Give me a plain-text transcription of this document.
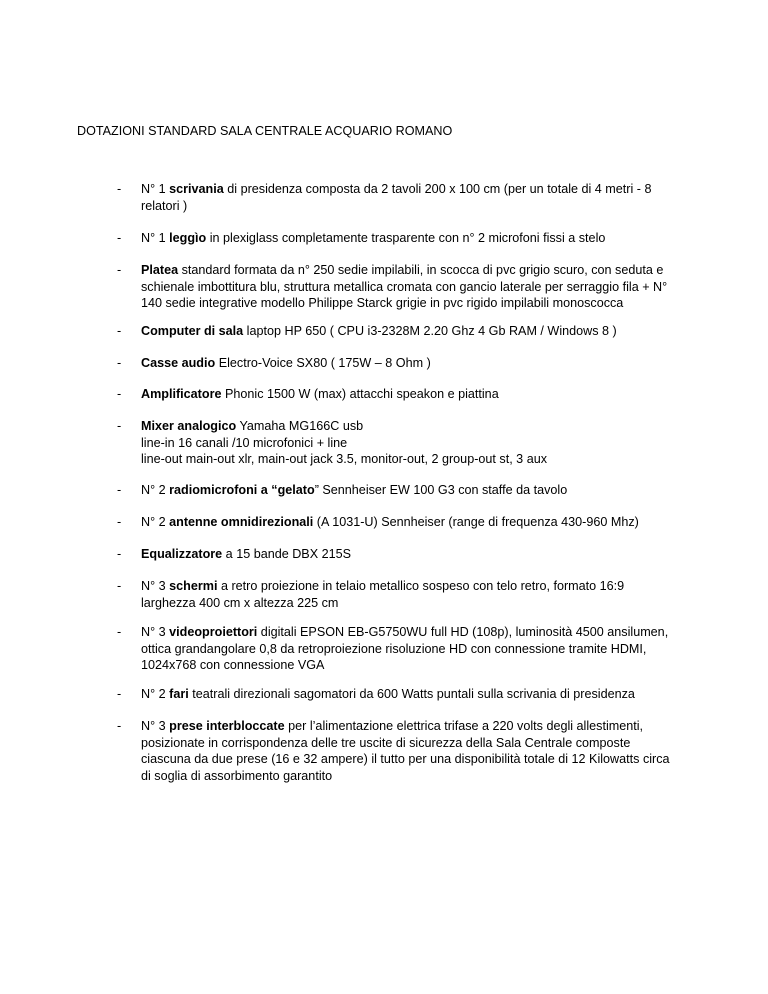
DOTAZIONI STANDARD SALA CENTRALE ACQUARIO ROMANO
- N° 1 scrivania di presidenza composta da 2 tavoli 200 x 100 cm (per un totale di 4 metri - 8 relatori )
- N° 1 leggìo in plexiglass completamente trasparente con n° 2 microfoni fissi a stelo
- Platea standard formata da n° 250 sedie impilabili, in scocca di pvc grigio scuro, con seduta e schienale imbottitura blu, struttura metallica cromata con gancio laterale per serraggio fila + N° 140 sedie integrative modello Philippe Starck grigie in pvc rigido impilabili monoscocca
- Computer di sala laptop HP 650 ( CPU i3-2328M 2.20 Ghz 4 Gb RAM / Windows 8 )
- Casse audio Electro-Voice SX80 ( 175W – 8 Ohm )
- Amplificatore Phonic 1500 W (max) attacchi speakon e piattina
- Mixer analogico Yamaha MG166C usb
line-in 16 canali /10 microfonici + line
line-out main-out xlr, main-out jack 3.5, monitor-out, 2 group-out st, 3 aux
- N° 2 radiomicrofoni a “gelato” Sennheiser EW 100 G3 con staffe da tavolo
- N° 2 antenne omnidirezionali (A 1031-U) Sennheiser (range di frequenza 430-960 Mhz)
- Equalizzatore a 15 bande DBX 215S
- N° 3 schermi a retro proiezione in telaio metallico sospeso con telo retro, formato 16:9
larghezza 400 cm x altezza 225 cm
- N° 3 videoproiettori digitali EPSON EB-G5750WU full HD (108p), luminosità 4500 ansilumen, ottica grandangolare 0,8 da retroproiezione risoluzione HD con connessione tramite HDMI, 1024x768 con connessione VGA
- N° 2 fari teatrali direzionali sagomatori da 600 Watts puntali sulla scrivania di presidenza
- N° 3 prese interbloccate per l’alimentazione elettrica trifase a 220 volts degli allestimenti, posizionate in corrispondenza delle tre uscite di sicurezza della Sala Centrale composte ciascuna da due prese (16 e 32 ampere) il tutto per una disponibilità totale di 12 Kilowatts circa di soglia di assorbimento garantito
